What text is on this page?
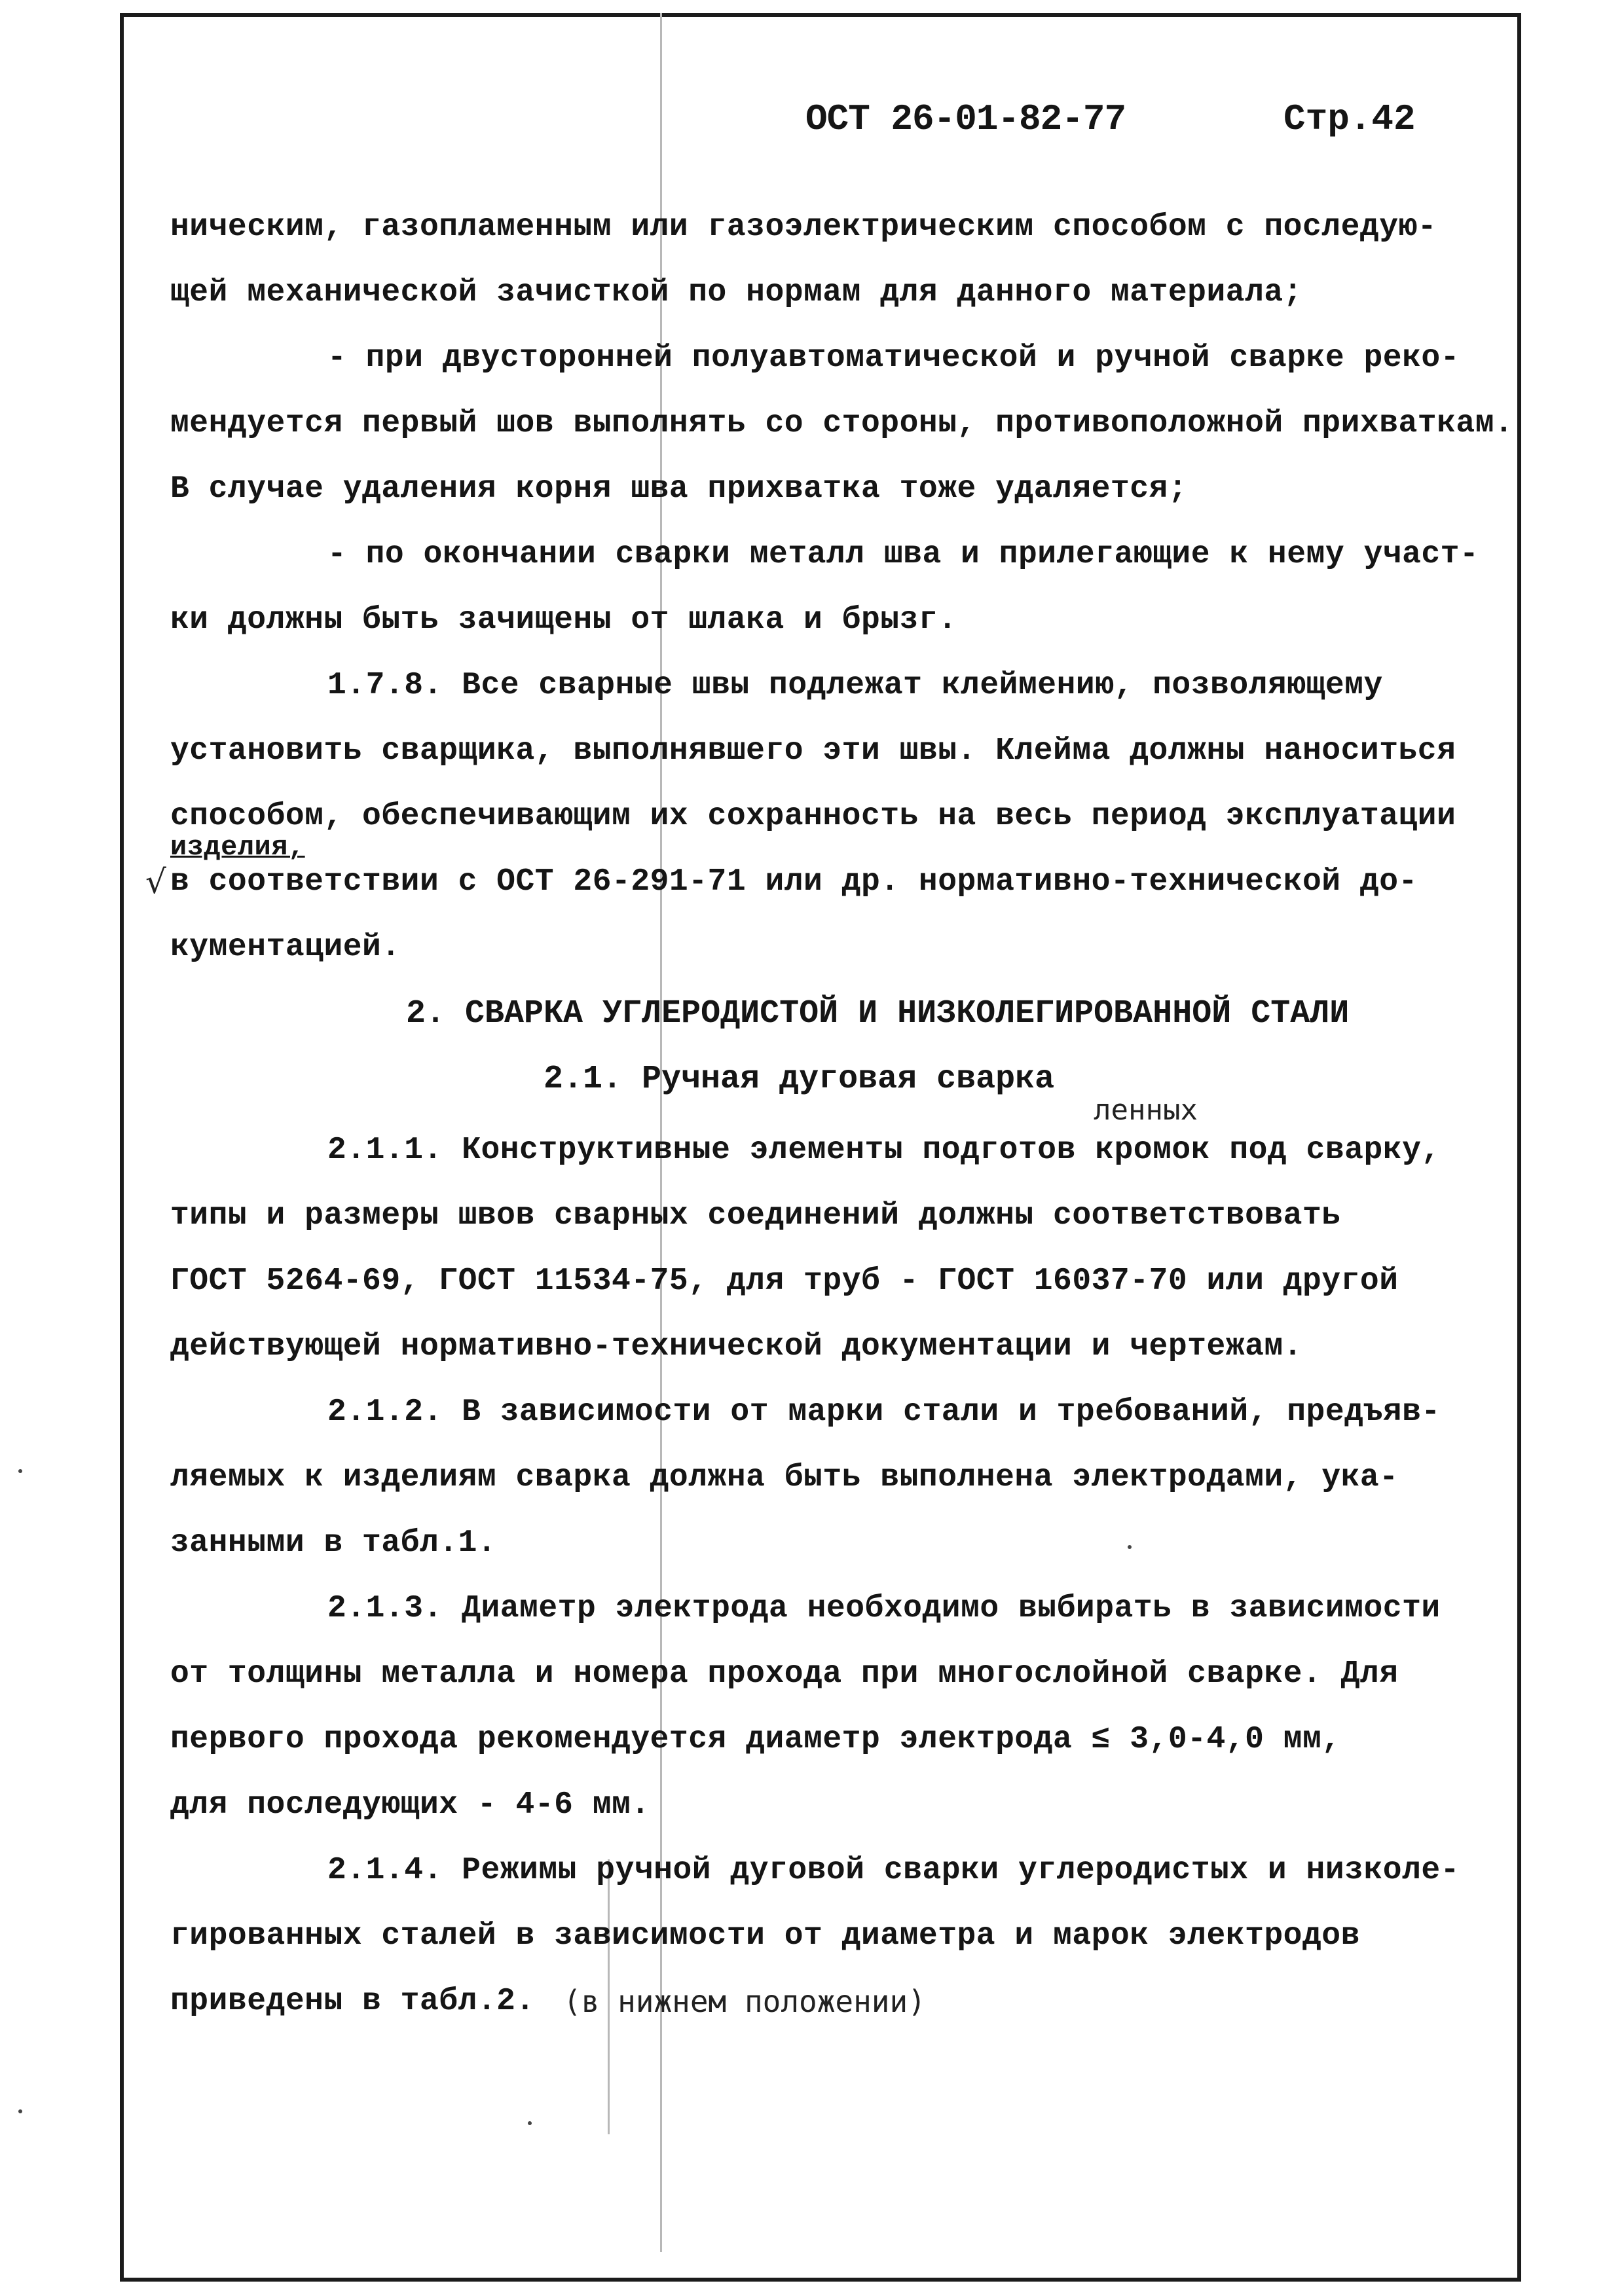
ОСТ 26-01-82-77	Стр.42
ническим, газопламенным или газоэлектрическим способом с последую-
щей механической зачисткой по нормам для данного материала;
- при двусторонней полуавтоматической и ручной сварке реко-
мендуется первый шов выполнять со стороны, противоположной прихваткам.
В случае удаления корня шва прихватка тоже удаляется;
- по окончании сварки металл шва и прилегающие к нему участ-
ки должны быть зачищены от шлака и брызг.
1.7.8. Все сварные швы подлежат клеймению, позволяющему
установить сварщика, выполнявшего эти швы. Клейма должны наноситься
способом, обеспечивающим их сохранность на весь период эксплуатации
изделия,
√ в соответствии с ОСТ 26-291-71 или др. нормативно-технической до-
кументацией.
2. СВАРКА УГЛЕРОДИСТОЙ И НИЗКОЛЕГИРОВАННОЙ СТАЛИ
2.1. Ручная дуговая сварка
ленных
2.1.1. Конструктивные элементы подготов кромок под сварку,
типы и размеры швов сварных соединений должны соответствовать
ГОСТ 5264-69, ГОСТ 11534-75, для труб - ГОСТ 16037-70 или другой
действующей нормативно-технической документации и чертежам.
2.1.2. В зависимости от марки стали и требований, предъяв-
ляемых к изделиям сварка должна быть выполнена электродами, ука-
занными в табл.1.
2.1.3. Диаметр электрода необходимо выбирать в зависимости
от толщины металла и номера прохода при многослойной сварке. Для
первого прохода рекомендуется диаметр электрода ≤ 3,0-4,0 мм,
для последующих - 4-6 мм.
2.1.4. Режимы ручной дуговой сварки углеродистых и низколе-
гированных сталей в зависимости от диаметра и марок электродов
приведены в табл.2. (в нижнем положении)
